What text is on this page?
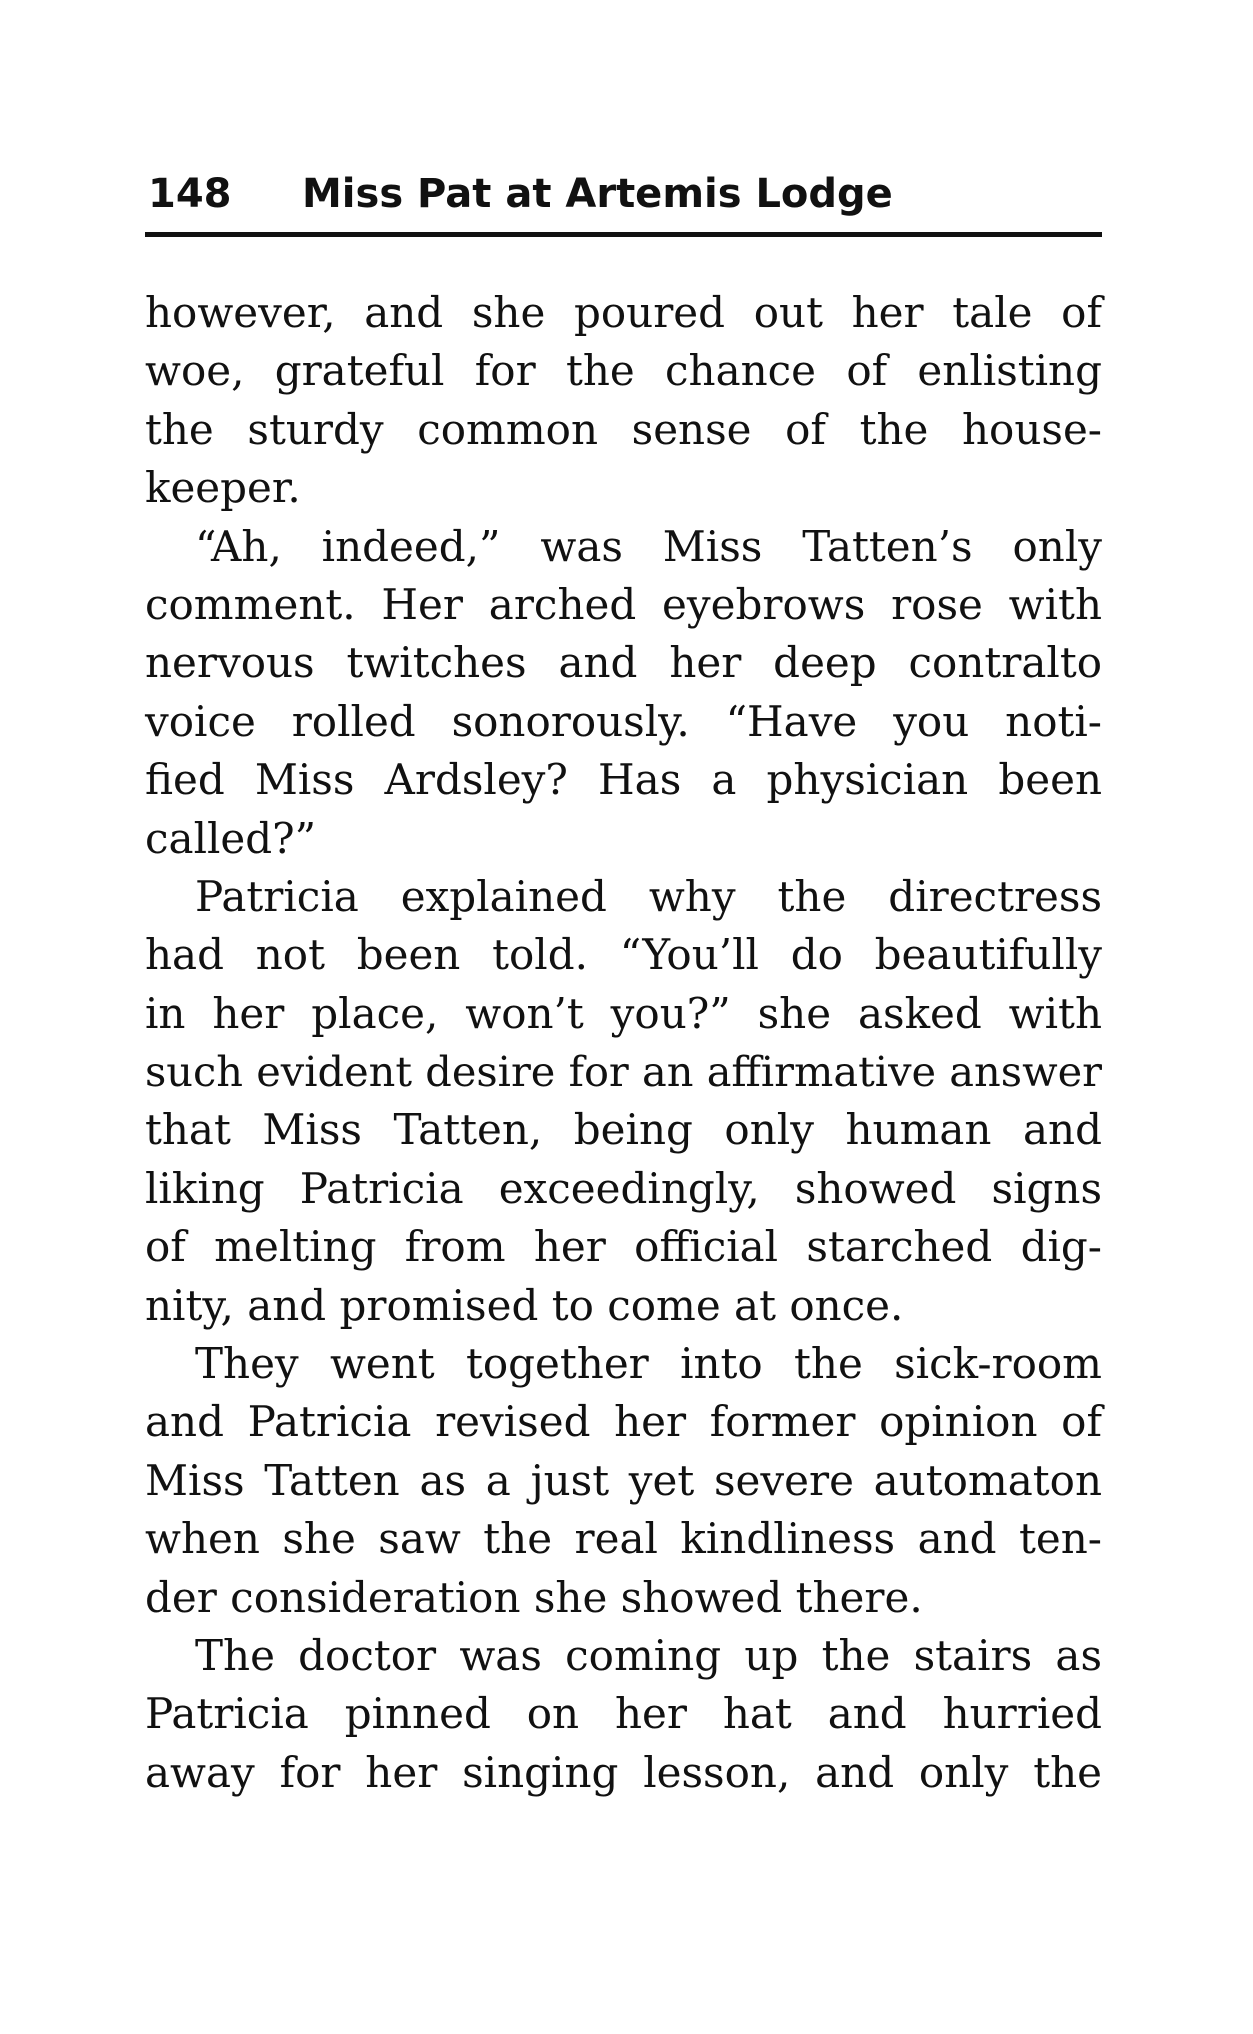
148 Miss Pat at Artemis Lodge
however, and she poured out her tale of
woe, grateful for the chance of enlisting
the sturdy common sense of the house-
keeper.
“Ah, indeed,” was Miss Tatten’s only
comment. Her arched eyebrows rose with
nervous twitches and her deep contralto
voice rolled sonorously. “Have you noti-
fied Miss Ardsley? Has a physician been
called?”
Patricia explained why the directress
had not been told. “You’ll do beautifully
in her place, won’t you?” she asked with
such evident desire for an affirmative answer
that Miss Tatten, being only human and
liking Patricia exceedingly, showed signs
of melting from her official starched dig-
nity, and promised to come at once.
They went together into the sick-room
and Patricia revised her former opinion of
Miss Tatten as a just yet severe automaton
when she saw the real kindliness and ten-
der consideration she showed there.
The doctor was coming up the stairs as
Patricia pinned on her hat and hurried
away for her singing lesson, and only the
